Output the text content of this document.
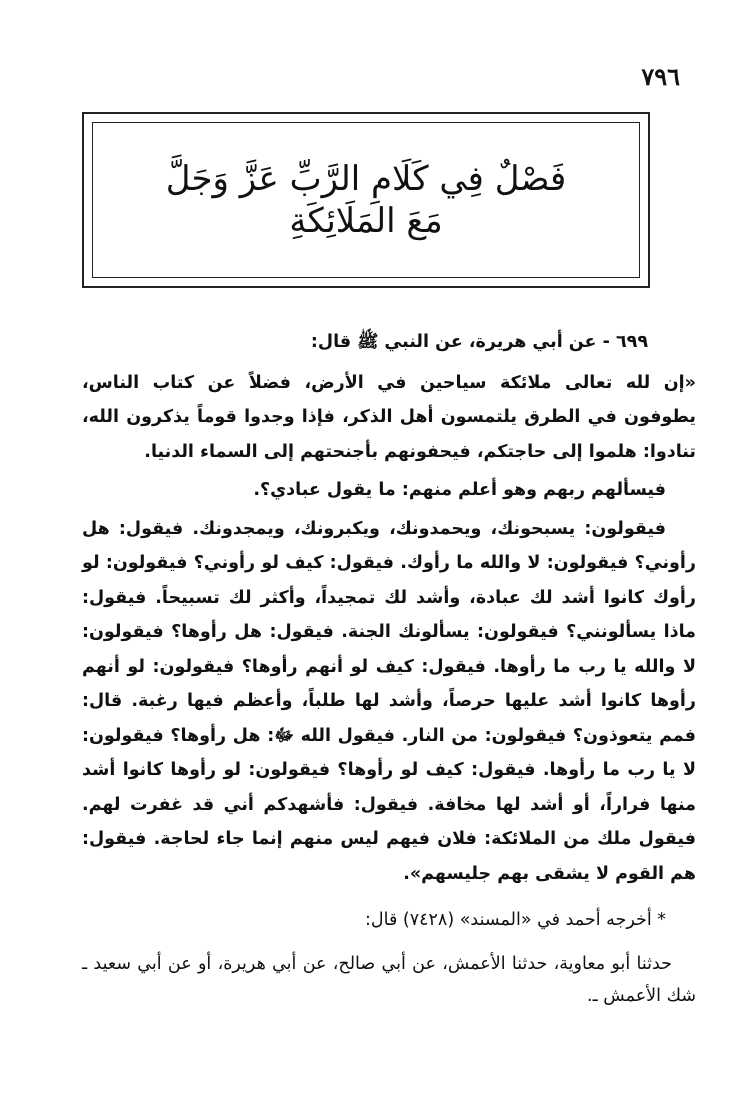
٧٩٦
فَصْلٌ فِي كَلَامِ الرَّبِّ عَزَّ وَجَلَّ
مَعَ المَلَائِكَةِ

٦٩٩ - عن أبي هريرة، عن النبي ﷺ قال:

«إن لله تعالى ملائكة سياحين في الأرض، فضلاً عن كتاب الناس، يطوفون في الطرق يلتمسون أهل الذكر، فإذا وجدوا قوماً يذكرون الله، تنادوا: هلموا إلى حاجتكم، فيحفونهم بأجنحتهم إلى السماء الدنيا.

فيسألهم ربهم وهو أعلم منهم: ما يقول عبادي؟.

فيقولون: يسبحونك، ويحمدونك، ويكبرونك، ويمجدونك. فيقول: هل رأوني؟ فيقولون: لا والله ما رأوك. فيقول: كيف لو رأوني؟ فيقولون: لو رأوك كانوا أشد لك عبادة، وأشد لك تمجيداً، وأكثر لك تسبيحاً. فيقول: ماذا يسألونني؟ فيقولون: يسألونك الجنة. فيقول: هل رأوها؟ فيقولون: لا والله يا رب ما رأوها. فيقول: كيف لو أنهم رأوها؟ فيقولون: لو أنهم رأوها كانوا أشد عليها حرصاً، وأشد لها طلباً، وأعظم فيها رغبة. قال: فمم يتعوذون؟ فيقولون: من النار. فيقول الله ﷻ: هل رأوها؟ فيقولون: لا يا رب ما رأوها. فيقول: كيف لو رأوها؟ فيقولون: لو رأوها كانوا أشد منها فراراً، أو أشد لها مخافة. فيقول: فأشهدكم أني قد غفرت لهم. فيقول ملك من الملائكة: فلان فيهم ليس منهم إنما جاء لحاجة. فيقول: هم القوم لا يشقى بهم جليسهم».

* أخرجه أحمد في «المسند» (٧٤٢٨) قال:

حدثنا أبو معاوية، حدثنا الأعمش، عن أبي صالح، عن أبي هريرة، أو عن أبي سعيد ـ شك الأعمش ـ.
